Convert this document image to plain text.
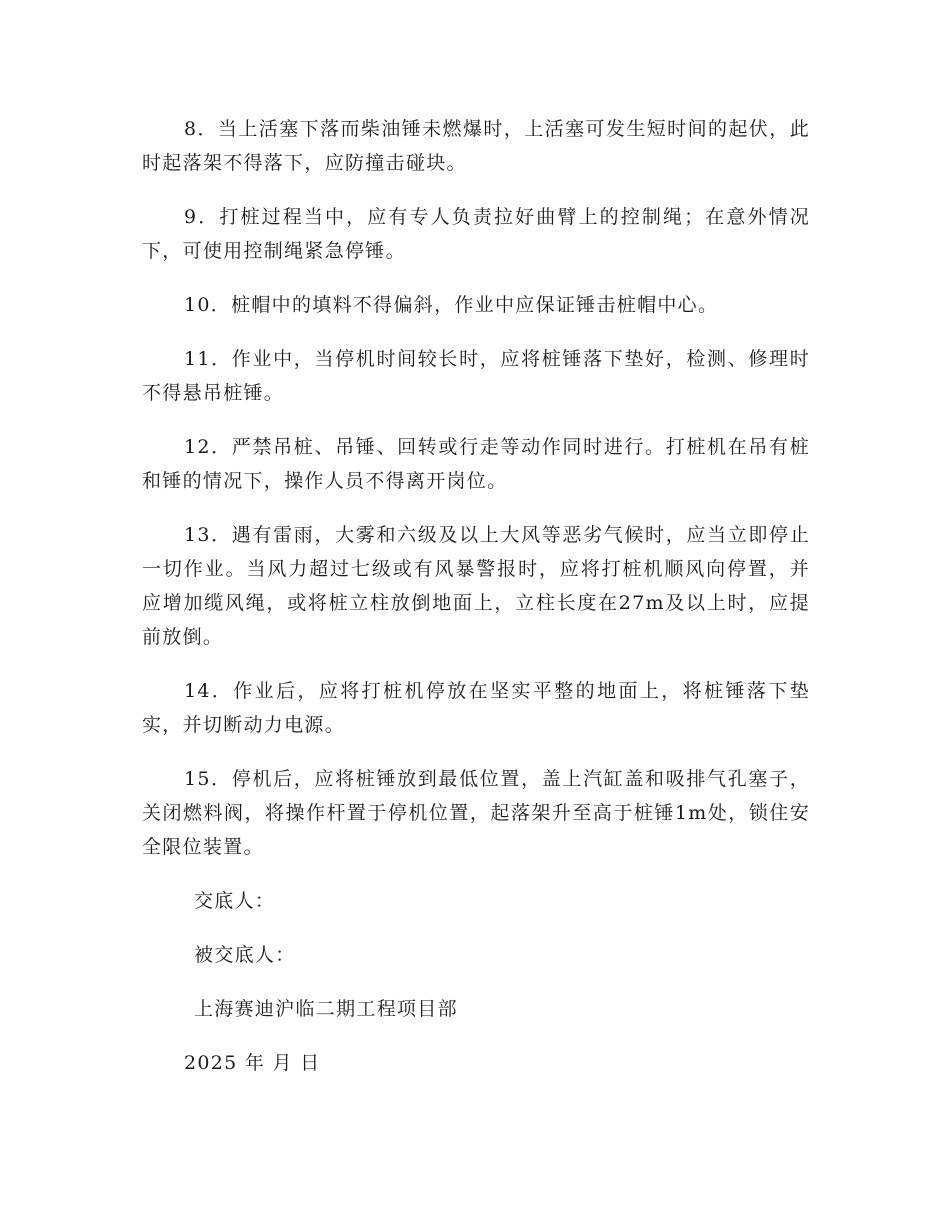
8．当上活塞下落而柴油锤未燃爆时，上活塞可发生短时间的起伏，此时起落架不得落下，应防撞击碰块。

9．打桩过程当中，应有专人负责拉好曲臂上的控制绳；在意外情况下，可使用控制绳紧急停锤。

10．桩帽中的填料不得偏斜，作业中应保证锤击桩帽中心。

11．作业中，当停机时间较长时，应将桩锤落下垫好，检测、修理时不得悬吊桩锤。

12．严禁吊桩、吊锤、回转或行走等动作同时进行。打桩机在吊有桩和锤的情况下，操作人员不得离开岗位。

13．遇有雷雨，大雾和六级及以上大风等恶劣气候时，应当立即停止一切作业。当风力超过七级或有风暴警报时，应将打桩机顺风向停置，并应增加缆风绳，或将桩立柱放倒地面上，立柱长度在27m及以上时，应提前放倒。

14．作业后，应将打桩机停放在坚实平整的地面上，将桩锤落下垫实，并切断动力电源。

15．停机后，应将桩锤放到最低位置，盖上汽缸盖和吸排气孔塞子，关闭燃料阀，将操作杆置于停机位置，起落架升至高于桩锤1m处，锁住安全限位装置。

交底人：

被交底人：

上海赛迪沪临二期工程项目部

2025 年 月 日
